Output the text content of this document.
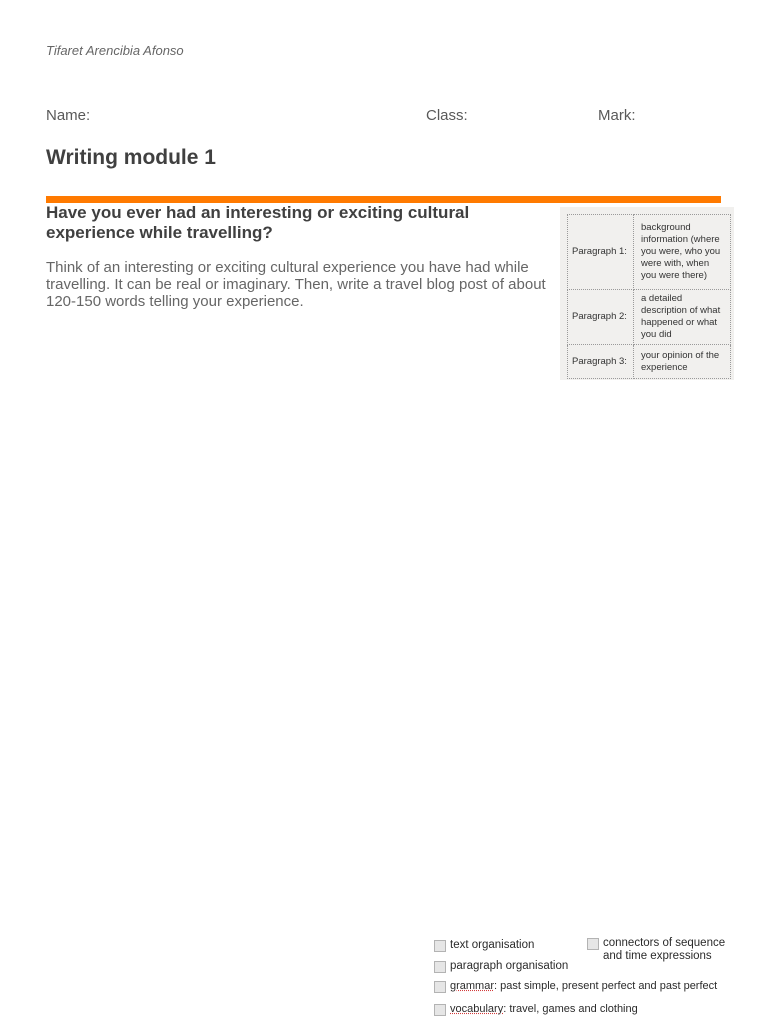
Tifaret Arencibia Afonso
Name:	Class:	Mark:
Writing module 1
Have you ever had an interesting or exciting cultural experience while travelling?

Think of an interesting or exciting cultural experience you have had while travelling. It can be real or imaginary. Then, write a travel blog post of about 120-150 words telling your experience.

Paragraph 1:	background information (where you were, who you were with, when you were there)
Paragraph 2:	a detailed description of what happened or what you did
Paragraph 3:	your opinion of the experience
text organisation
paragraph organisation
grammar: past simple, present perfect and past perfect
vocabulary: travel, games and clothing
connectors of sequence and time expressions
